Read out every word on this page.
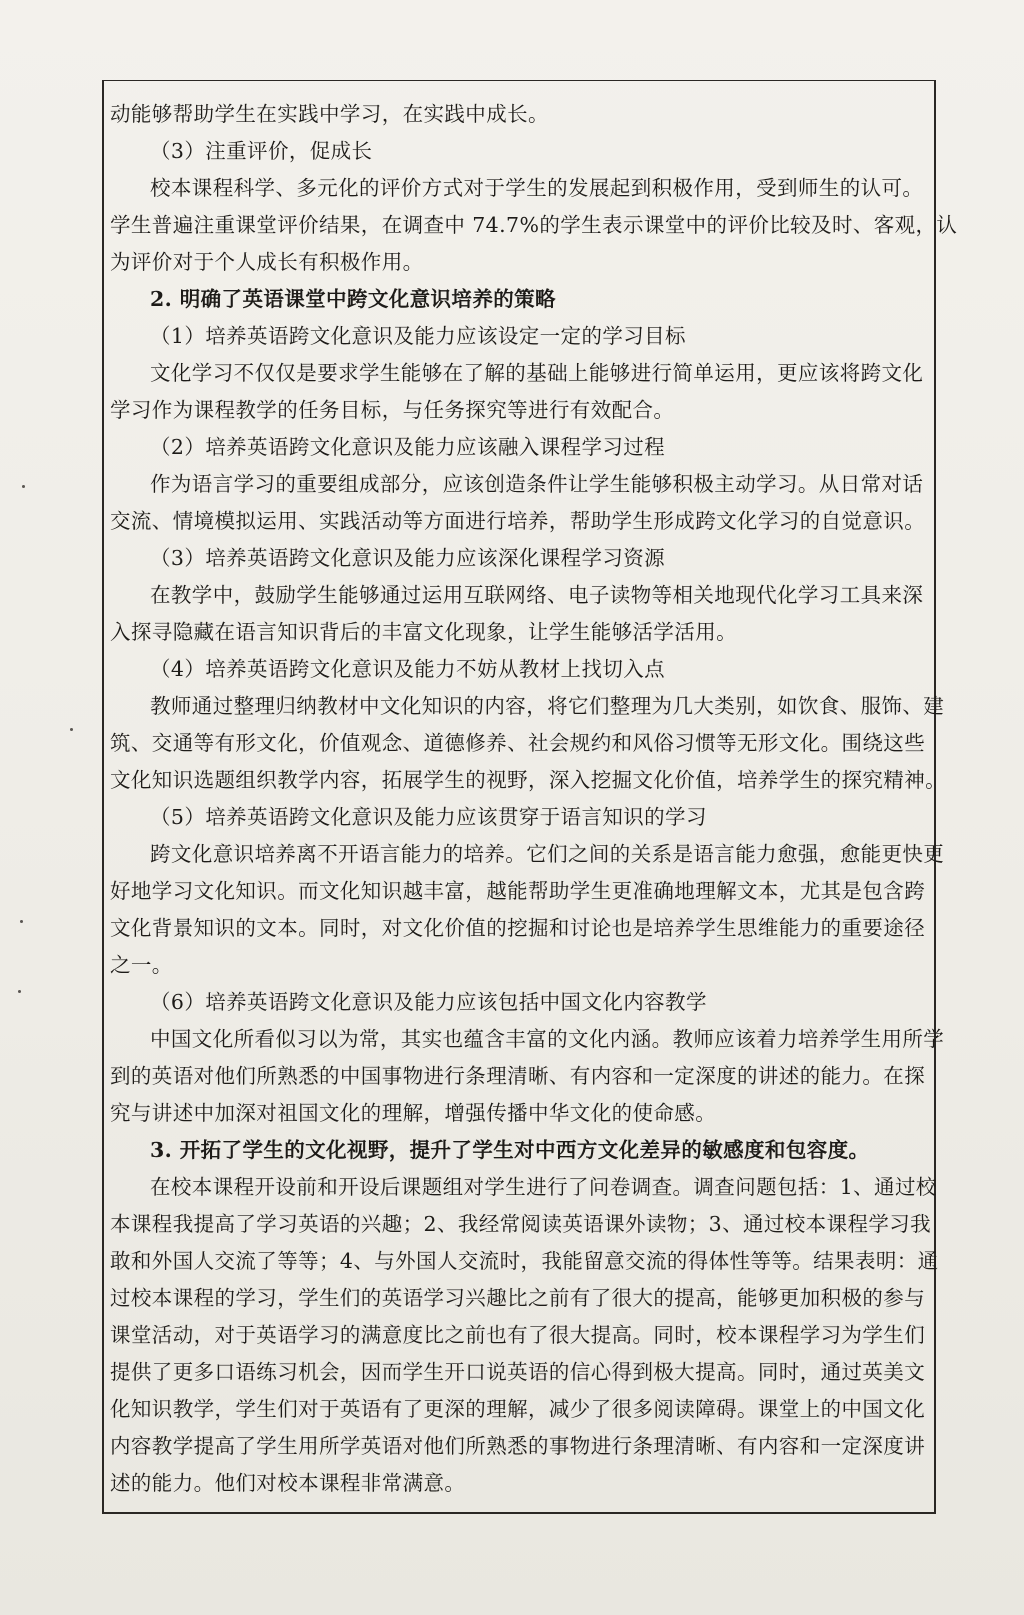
动能够帮助学生在实践中学习，在实践中成长。
（3）注重评价，促成长
校本课程科学、多元化的评价方式对于学生的发展起到积极作用，受到师生的认可。
学生普遍注重课堂评价结果，在调查中 74.7%的学生表示课堂中的评价比较及时、客观，认
为评价对于个人成长有积极作用。
2. 明确了英语课堂中跨文化意识培养的策略
（1）培养英语跨文化意识及能力应该设定一定的学习目标
文化学习不仅仅是要求学生能够在了解的基础上能够进行简单运用，更应该将跨文化
学习作为课程教学的任务目标，与任务探究等进行有效配合。
（2）培养英语跨文化意识及能力应该融入课程学习过程
作为语言学习的重要组成部分，应该创造条件让学生能够积极主动学习。从日常对话
交流、情境模拟运用、实践活动等方面进行培养，帮助学生形成跨文化学习的自觉意识。
（3）培养英语跨文化意识及能力应该深化课程学习资源
在教学中，鼓励学生能够通过运用互联网络、电子读物等相关地现代化学习工具来深
入探寻隐藏在语言知识背后的丰富文化现象，让学生能够活学活用。
（4）培养英语跨文化意识及能力不妨从教材上找切入点
教师通过整理归纳教材中文化知识的内容，将它们整理为几大类别，如饮食、服饰、建
筑、交通等有形文化，价值观念、道德修养、社会规约和风俗习惯等无形文化。围绕这些
文化知识选题组织教学内容，拓展学生的视野，深入挖掘文化价值，培养学生的探究精神。
（5）培养英语跨文化意识及能力应该贯穿于语言知识的学习
跨文化意识培养离不开语言能力的培养。它们之间的关系是语言能力愈强，愈能更快更
好地学习文化知识。而文化知识越丰富，越能帮助学生更准确地理解文本，尤其是包含跨
文化背景知识的文本。同时，对文化价值的挖掘和讨论也是培养学生思维能力的重要途径
之一。
（6）培养英语跨文化意识及能力应该包括中国文化内容教学
中国文化所看似习以为常，其实也蕴含丰富的文化内涵。教师应该着力培养学生用所学
到的英语对他们所熟悉的中国事物进行条理清晰、有内容和一定深度的讲述的能力。在探
究与讲述中加深对祖国文化的理解，增强传播中华文化的使命感。
3. 开拓了学生的文化视野，提升了学生对中西方文化差异的敏感度和包容度。
在校本课程开设前和开设后课题组对学生进行了问卷调查。调查问题包括：1、通过校
本课程我提高了学习英语的兴趣；2、我经常阅读英语课外读物；3、通过校本课程学习我
敢和外国人交流了等等；4、与外国人交流时，我能留意交流的得体性等等。结果表明：通
过校本课程的学习，学生们的英语学习兴趣比之前有了很大的提高，能够更加积极的参与
课堂活动，对于英语学习的满意度比之前也有了很大提高。同时，校本课程学习为学生们
提供了更多口语练习机会，因而学生开口说英语的信心得到极大提高。同时，通过英美文
化知识教学，学生们对于英语有了更深的理解，减少了很多阅读障碍。课堂上的中国文化
内容教学提高了学生用所学英语对他们所熟悉的事物进行条理清晰、有内容和一定深度讲
述的能力。他们对校本课程非常满意。
